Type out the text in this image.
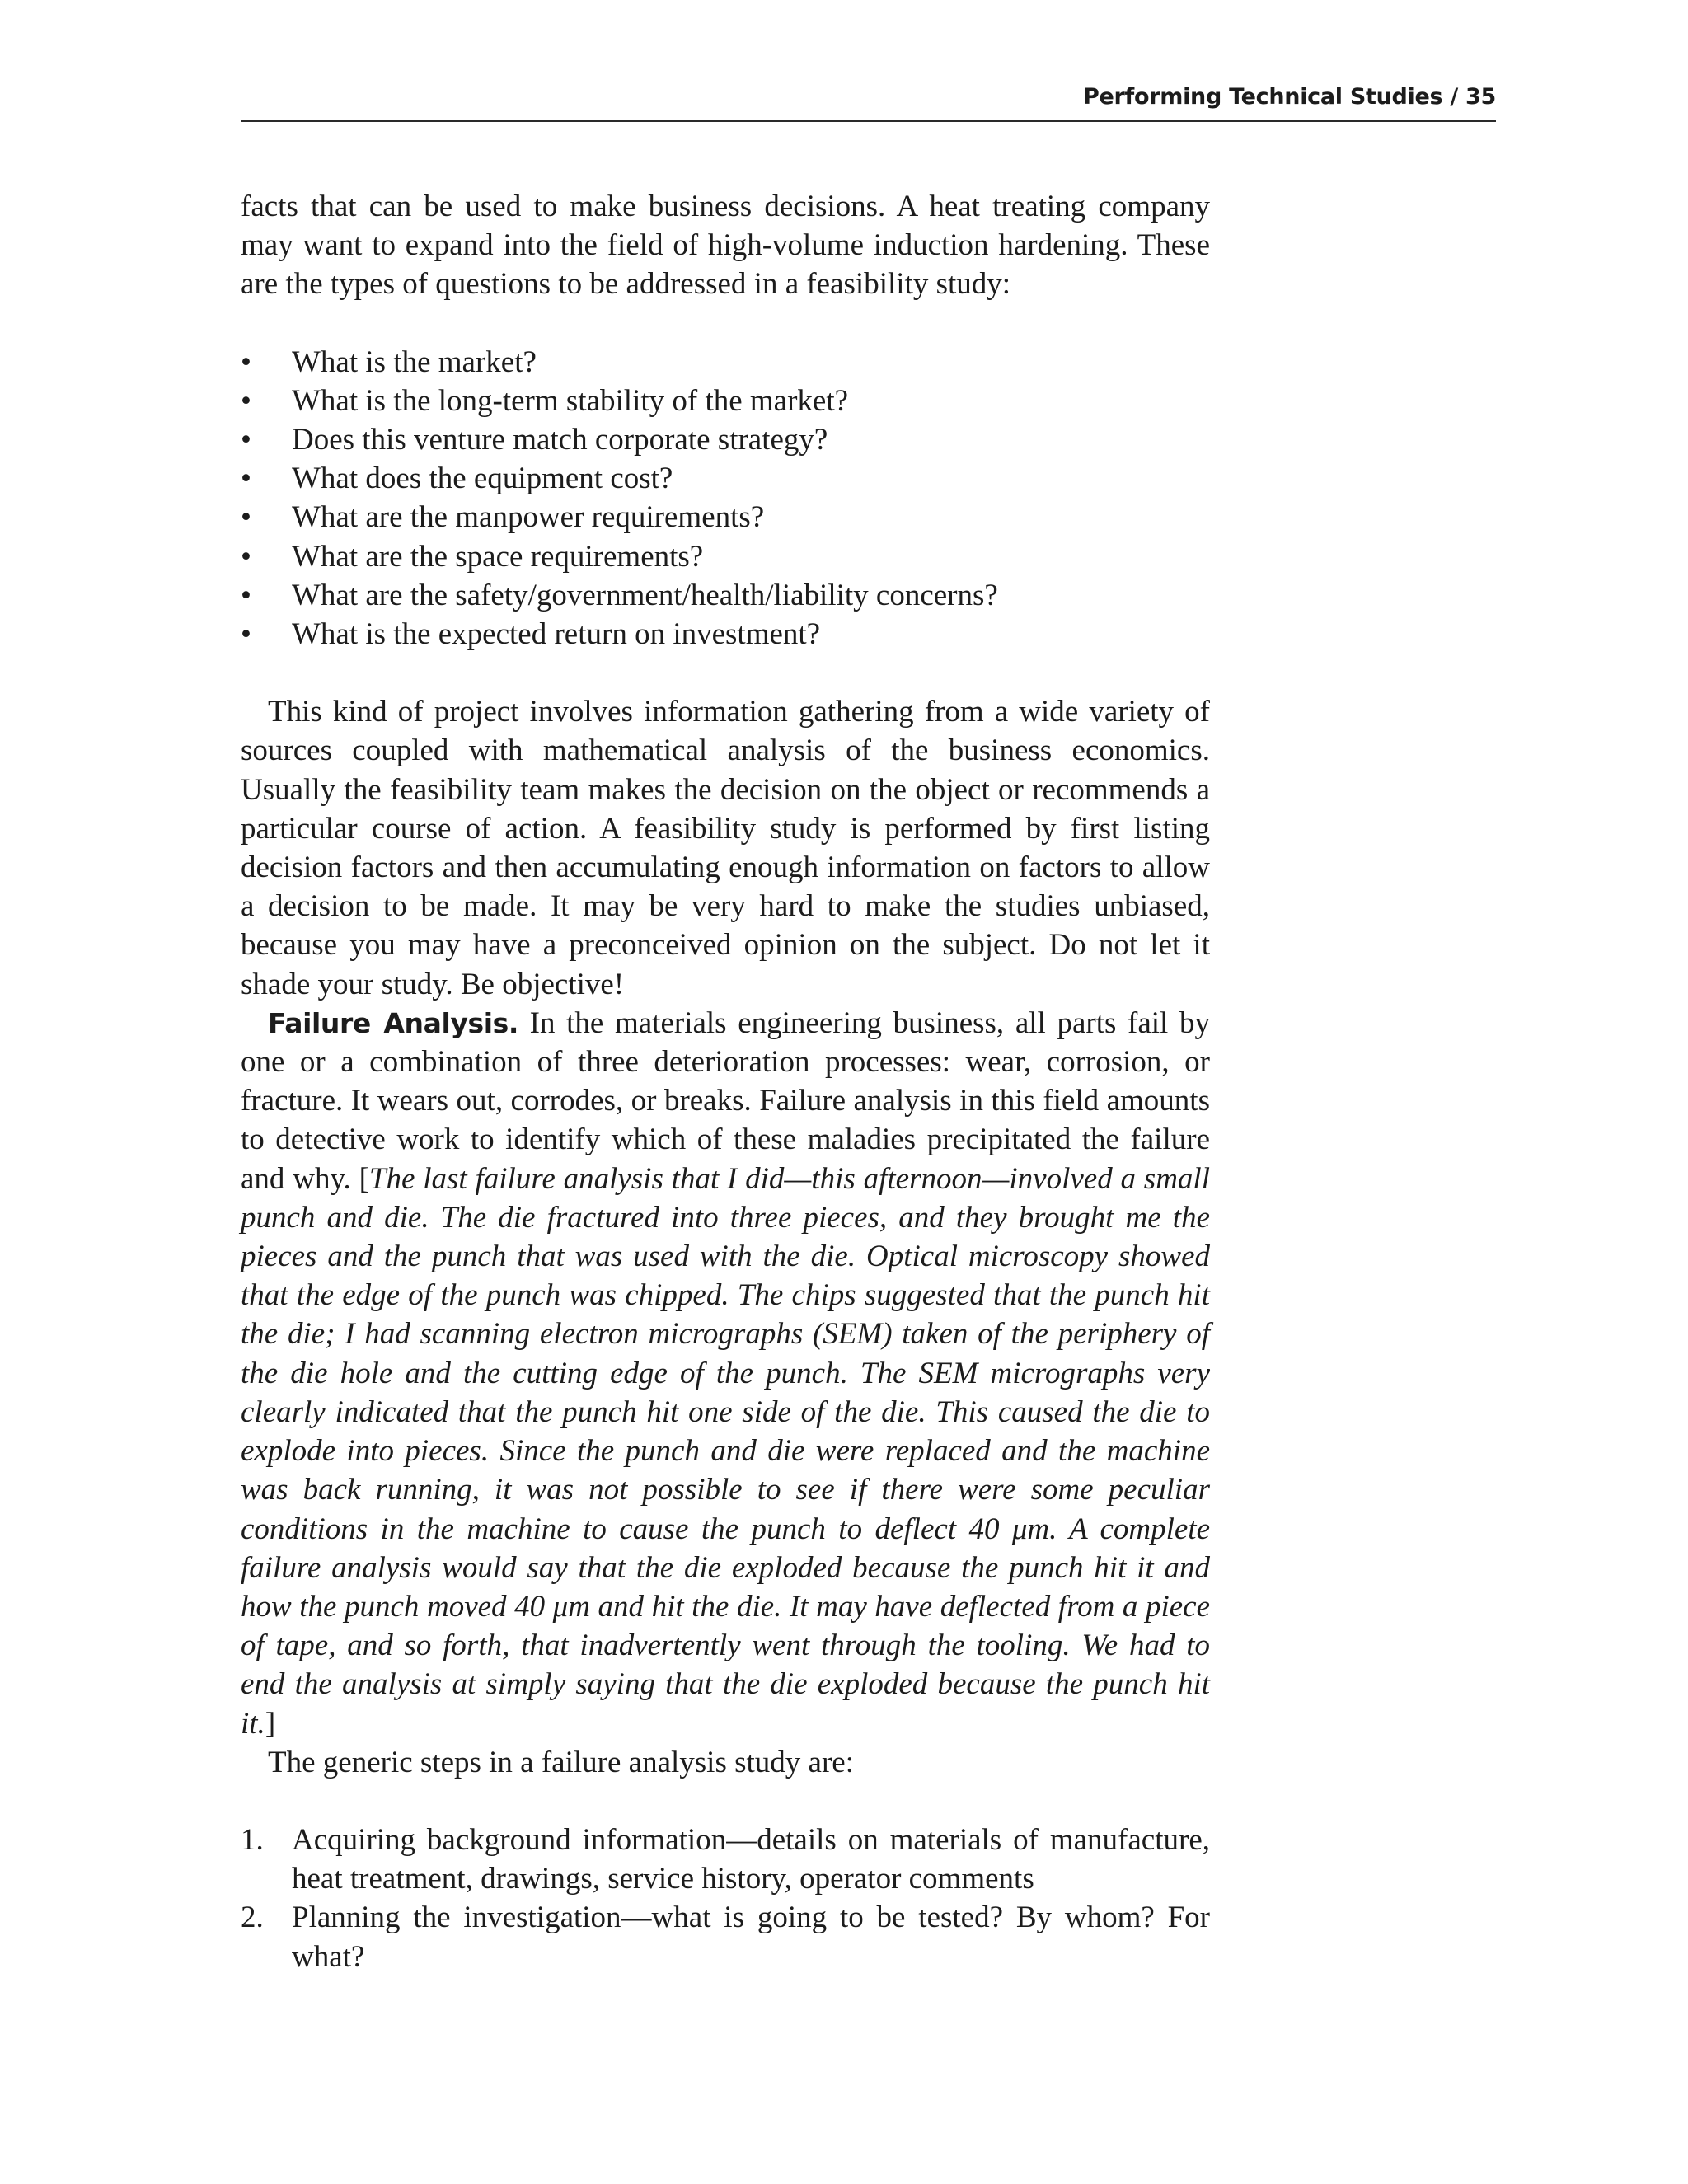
Performing Technical Studies / 35

facts that can be used to make business decisions. A heat treating company may want to expand into the field of high-volume induction hardening. These are the types of questions to be addressed in a feasibility study:

• What is the market?
• What is the long-term stability of the market?
• Does this venture match corporate strategy?
• What does the equipment cost?
• What are the manpower requirements?
• What are the space requirements?
• What are the safety/government/health/liability concerns?
• What is the expected return on investment?

This kind of project involves information gathering from a wide variety of sources coupled with mathematical analysis of the business economics. Usually the feasibility team makes the decision on the object or recommends a particular course of action. A feasibility study is performed by first listing decision factors and then accumulating enough information on factors to allow a decision to be made. It may be very hard to make the studies unbiased, because you may have a preconceived opinion on the subject. Do not let it shade your study. Be objective!

Failure Analysis. In the materials engineering business, all parts fail by one or a combination of three deterioration processes: wear, corrosion, or fracture. It wears out, corrodes, or breaks. Failure analysis in this field amounts to detective work to identify which of these maladies precipitated the failure and why. [The last failure analysis that I did—this afternoon—involved a small punch and die. The die fractured into three pieces, and they brought me the pieces and the punch that was used with the die. Optical microscopy showed that the edge of the punch was chipped. The chips suggested that the punch hit the die; I had scanning electron micrographs (SEM) taken of the periphery of the die hole and the cutting edge of the punch. The SEM micrographs very clearly indicated that the punch hit one side of the die. This caused the die to explode into pieces. Since the punch and die were replaced and the machine was back running, it was not possible to see if there were some peculiar conditions in the machine to cause the punch to deflect 40 μm. A complete failure analysis would say that the die exploded because the punch hit it and how the punch moved 40 μm and hit the die. It may have deflected from a piece of tape, and so forth, that inadvertently went through the tooling. We had to end the analysis at simply saying that the die exploded because the punch hit it.]

The generic steps in a failure analysis study are:

1. Acquiring background information—details on materials of manufacture, heat treatment, drawings, service history, operator comments
2. Planning the investigation—what is going to be tested? By whom? For what?
